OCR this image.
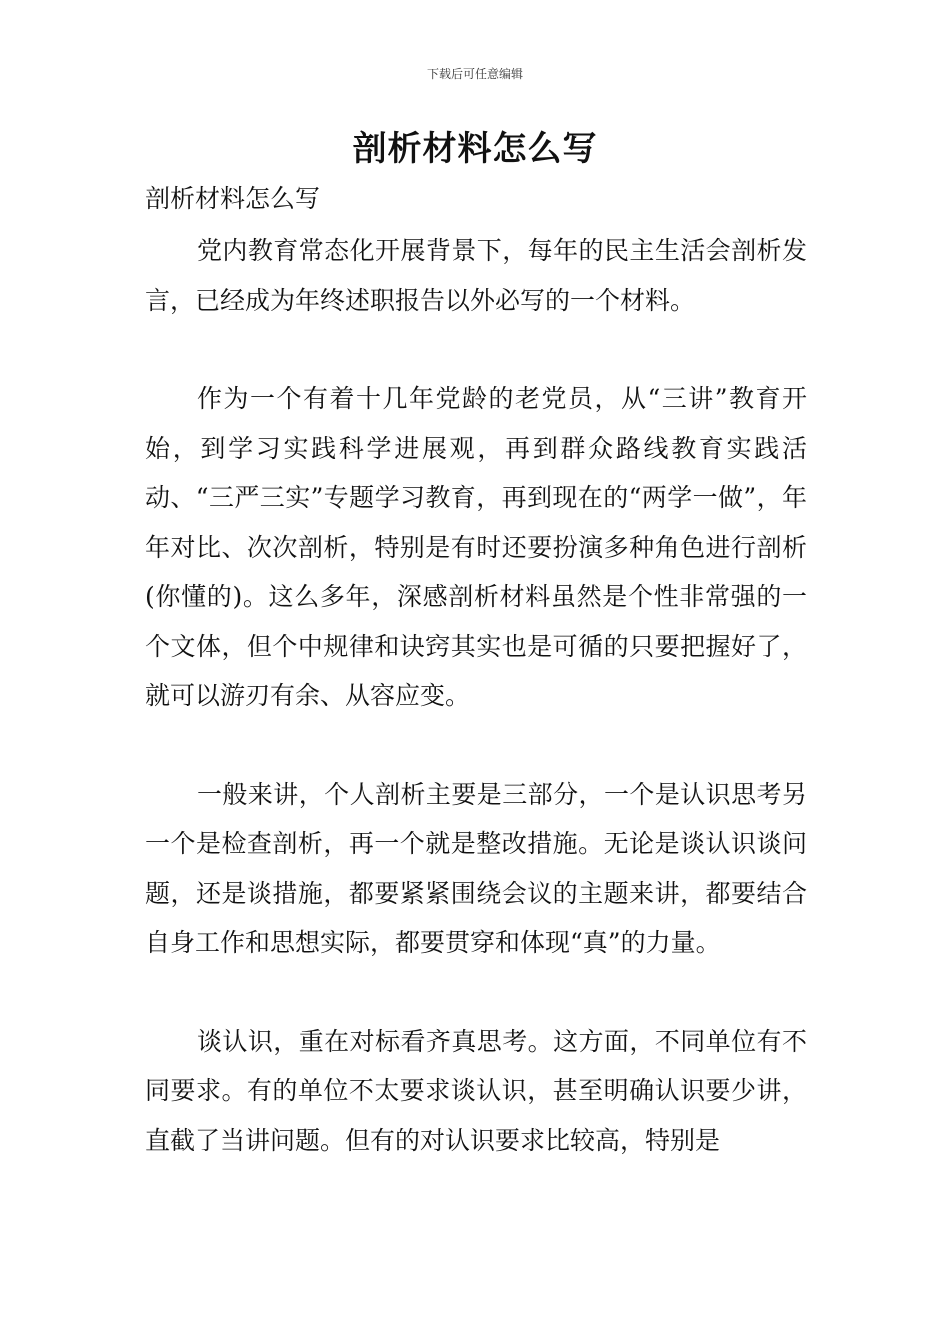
下载后可任意编辑
剖析材料怎么写

剖析材料怎么写

党内教育常态化开展背景下，每年的民主生活会剖析发言，已经成为年终述职报告以外必写的一个材料。

作为一个有着十几年党龄的老党员，从“三讲”教育开始，到学习实践科学进展观，再到群众路线教育实践活动、“三严三实”专题学习教育，再到现在的“两学一做”，年年对比、次次剖析，特别是有时还要扮演多种角色进行剖析(你懂的)。这么多年，深感剖析材料虽然是个性非常强的一个文体，但个中规律和诀窍其实也是可循的只要把握好了，就可以游刃有余、从容应变。

一般来讲，个人剖析主要是三部分，一个是认识思考另一个是检查剖析，再一个就是整改措施。无论是谈认识谈问题，还是谈措施，都要紧紧围绕会议的主题来讲，都要结合自身工作和思想实际，都要贯穿和体现“真”的力量。

谈认识，重在对标看齐真思考。这方面，不同单位有不同要求。有的单位不太要求谈认识，甚至明确认识要少讲，直截了当讲问题。但有的对认识要求比较高，特别是
